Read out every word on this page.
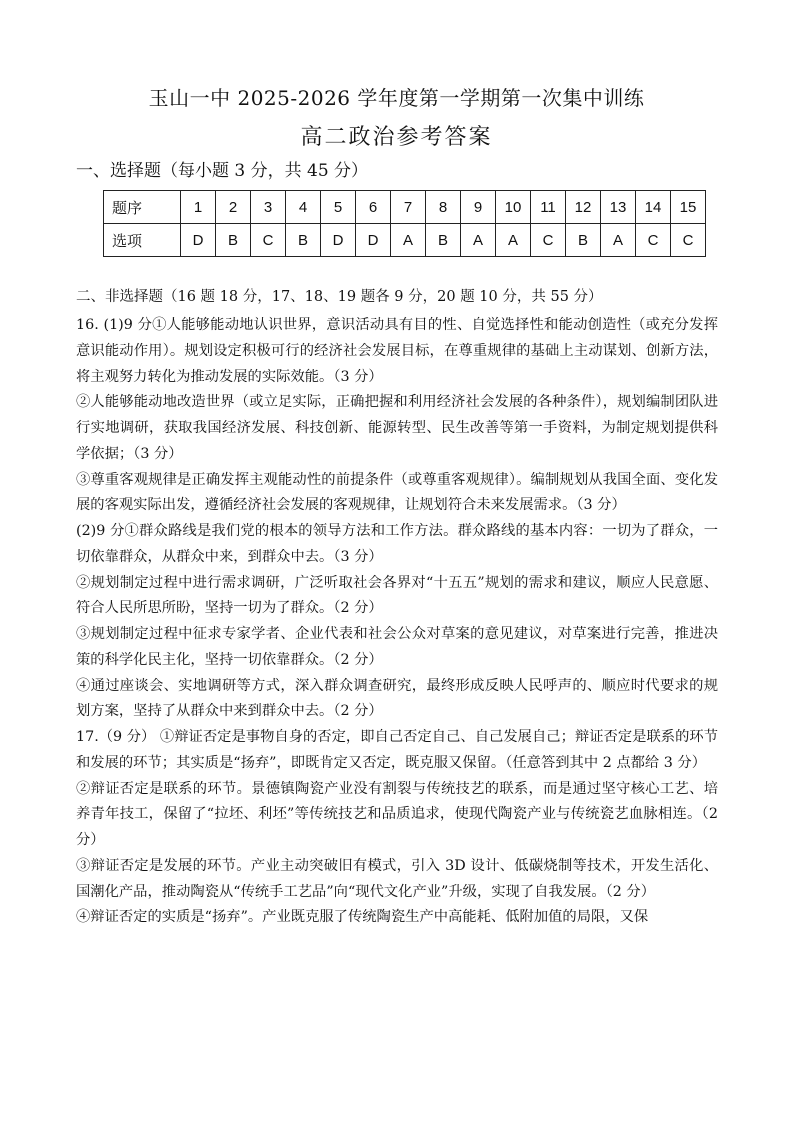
玉山一中 2025-2026 学年度第一学期第一次集中训练
高二政治参考答案
一、选择题（每小题 3 分，共 45 分）
题序	1	2	3	4	5	6	7	8	9	10	11	12	13	14	15
选项	D	B	C	B	D	D	A	B	A	A	C	B	A	C	C
二、非选择题（16 题 18 分，17、18、19 题各 9 分，20 题 10 分，共 55 分）

16. (1)9 分①人能够能动地认识世界，意识活动具有目的性、自觉选择性和能动创造性（或充分发挥意识能动作用）。规划设定积极可行的经济社会发展目标，在尊重规律的基础上主动谋划、创新方法，将主观努力转化为推动发展的实际效能。（3 分）

②人能够能动地改造世界（或立足实际，正确把握和利用经济社会发展的各种条件），规划编制团队进行实地调研，获取我国经济发展、科技创新、能源转型、民生改善等第一手资料，为制定规划提供科学依据；（3 分）

③尊重客观规律是正确发挥主观能动性的前提条件（或尊重客观规律）。编制规划从我国全面、变化发展的客观实际出发，遵循经济社会发展的客观规律，让规划符合未来发展需求。（3 分）

(2)9 分①群众路线是我们党的根本的领导方法和工作方法。群众路线的基本内容：一切为了群众，一切依靠群众，从群众中来，到群众中去。（3 分）

②规划制定过程中进行需求调研，广泛听取社会各界对“十五五”规划的需求和建议，顺应人民意愿、符合人民所思所盼，坚持一切为了群众。（2 分）

③规划制定过程中征求专家学者、企业代表和社会公众对草案的意见建议，对草案进行完善，推进决策的科学化民主化，坚持一切依靠群众。（2 分）

④通过座谈会、实地调研等方式，深入群众调查研究，最终形成反映人民呼声的、顺应时代要求的规划方案，坚持了从群众中来到群众中去。（2 分）

17.（9 分） ①辩证否定是事物自身的否定，即自己否定自己、自己发展自己；辩证否定是联系的环节和发展的环节；其实质是“扬弃”，即既肯定又否定，既克服又保留。（任意答到其中 2 点都给 3 分）

②辩证否定是联系的环节。景德镇陶瓷产业没有割裂与传统技艺的联系，而是通过坚守核心工艺、培养青年技工，保留了“拉坯、利坯”等传统技艺和品质追求，使现代陶瓷产业与传统瓷艺血脉相连。（2 分）

③辩证否定是发展的环节。产业主动突破旧有模式，引入 3D 设计、低碳烧制等技术，开发生活化、国潮化产品，推动陶瓷从“传统手工艺品”向“现代文化产业”升级，实现了自我发展。（2 分）

④辩证否定的实质是“扬弃”。产业既克服了传统陶瓷生产中高能耗、低附加值的局限，又保
